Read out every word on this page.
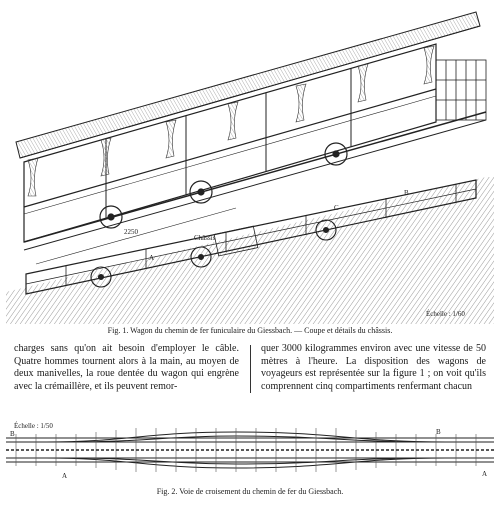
2250
Châssis
A
C
B
Échelle : 1/60
Fig. 1. Wagon du chemin de fer funiculaire du Giessbach. — Coupe et détails du châssis.
charges sans qu'on ait besoin d'employer le câble. Quatre hommes tournent alors à la main, au moyen de deux manivelles, la roue dentée du wagon qui engrène avec la crémaillère, et ils peuvent remor-
quer 3000 kilogrammes environ avec une vitesse de 50 mètres à l'heure. La disposition des wagons de voyageurs est représentée sur la figure 1 ; on voit qu'ils comprennent cinq compartiments renfermant chacun
Échelle : 1/50
B
A
B
A
Fig. 2. Voie de croisement du chemin de fer du Giessbach.
